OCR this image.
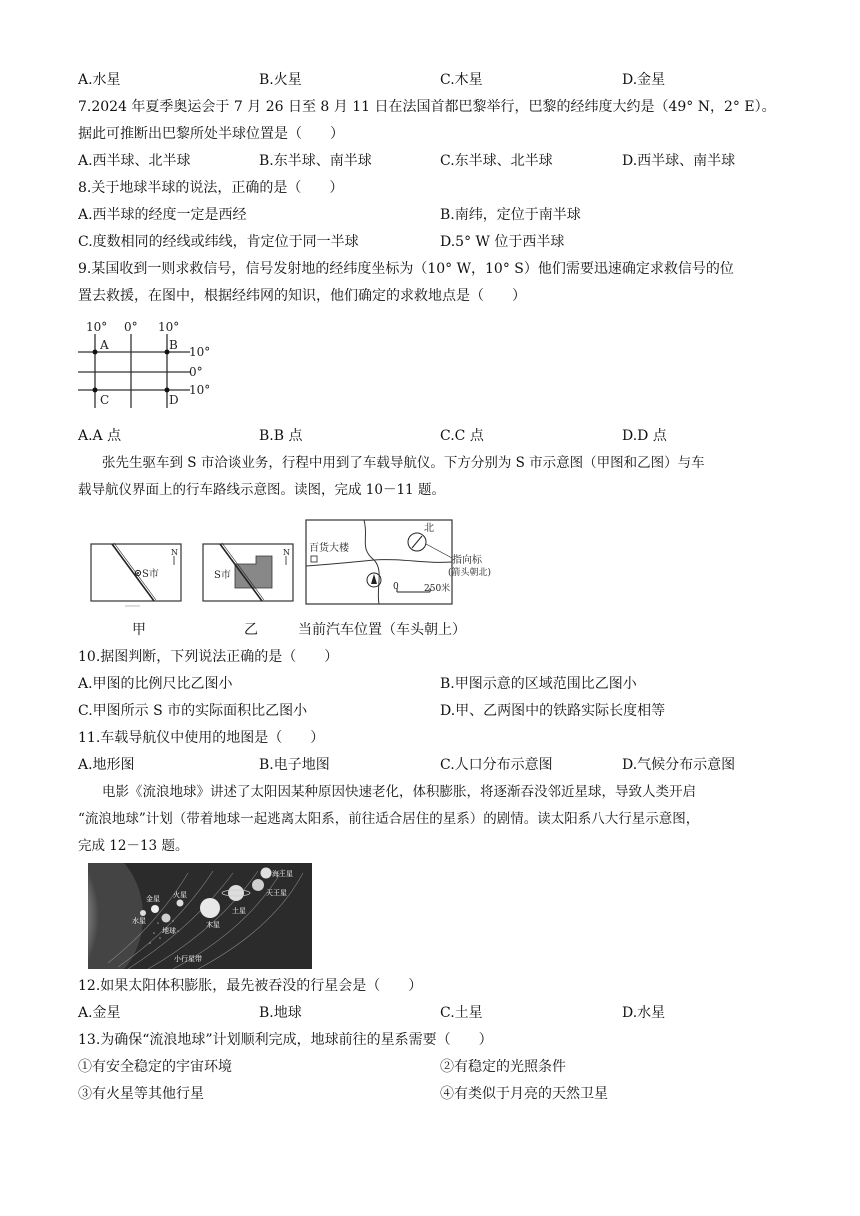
A.水星	B.火星	C.木星	D.金星
7.2024 年夏季奥运会于 7 月 26 日至 8 月 11 日在法国首都巴黎举行，巴黎的经纬度大约是（49° N，2° E）。
据此可推断出巴黎所处半球位置是（　　）
A.西半球、北半球	B.东半球、南半球	C.东半球、北半球	D.西半球、南半球
8.关于地球半球的说法，正确的是（　　）
A.西半球的经度一定是西经	B.南纬，定位于南半球
C.度数相同的经线或纬线，肯定位于同一半球	D.5° W 位于西半球
9.某国收到一则求救信号，信号发射地的经纬度坐标为（10° W，10° S）他们需要迅速确定求救信号的位
置去救援，在图中，根据经纬网的知识，他们确定的求救地点是（　　）
10° 0° 10°
10°
0°
10°
A	B
C	D
A.A 点	B.B 点	C.C 点	D.D 点
张先生驱车到 S 市洽谈业务，行程中用到了车载导航仪。下方分别为 S 市示意图（甲图和乙图）与车
载导航仪界面上的行车路线示意图。读图，完成 10－11 题。
S市
N
S市
N 百货大楼
北
0	250米
指向标
(箭头朝北)
甲	乙	当前汽车位置（车头朝上）
10.据图判断，下列说法正确的是（　　）
A.甲图的比例尺比乙图小	B.甲图示意的区域范围比乙图小
C.甲图所示 S 市的实际面积比乙图小	D.甲、乙两图中的铁路实际长度相等
11.车载导航仪中使用的地图是（　　）
A.地形图	B.电子地图	C.人口分布示意图	D.气候分布示意图
电影《流浪地球》讲述了太阳因某种原因快速老化，体积膨胀，将逐渐吞没邻近星球，导致人类开启
“流浪地球”计划（带着地球一起逃离太阳系，前往适合居住的星系）的剧情。读太阳系八大行星示意图，
完成 12－13 题。
海王星
天王星
土星
木星
火星
金星
水星
地球
小行星带
12.如果太阳体积膨胀，最先被吞没的行星会是（　　）
A.金星	B.地球	C.土星	D.水星
13.为确保“流浪地球”计划顺利完成，地球前往的星系需要（　　）
①有安全稳定的宇宙环境	②有稳定的光照条件
③有火星等其他行星	④有类似于月亮的天然卫星
